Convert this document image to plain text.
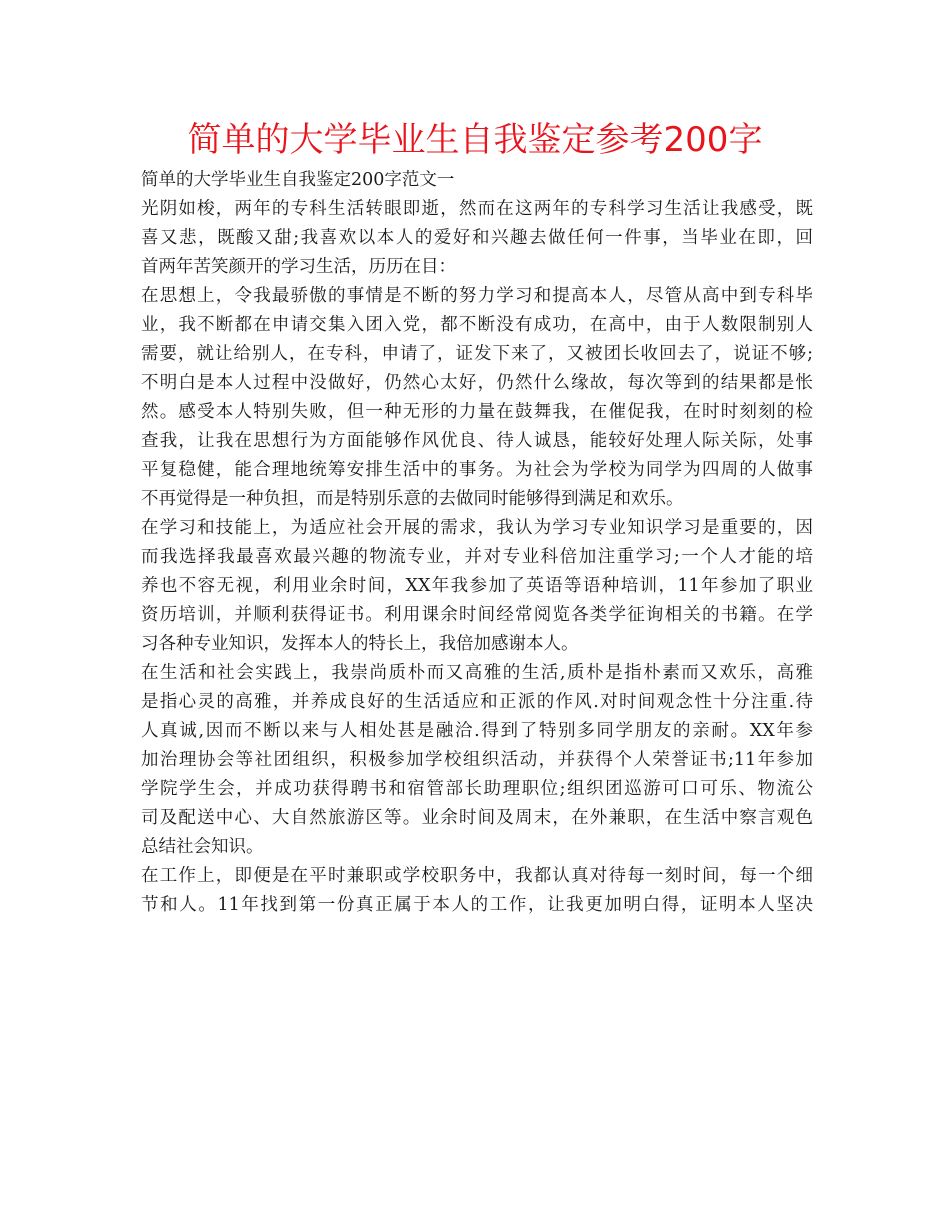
简单的大学毕业生自我鉴定参考200字
简单的大学毕业生自我鉴定200字范文一
光阴如梭，两年的专科生活转眼即逝，然而在这两年的专科学习生活让我感受，既
喜又悲，既酸又甜;我喜欢以本人的爱好和兴趣去做任何一件事，当毕业在即，回
首两年苦笑颜开的学习生活，历历在目：
在思想上，令我最骄傲的事情是不断的努力学习和提高本人，尽管从高中到专科毕
业，我不断都在申请交集入团入党，都不断没有成功，在高中，由于人数限制别人
需要，就让给别人，在专科，申请了，证发下来了，又被团长收回去了，说证不够;
不明白是本人过程中没做好，仍然心太好，仍然什么缘故，每次等到的结果都是怅
然。感受本人特别失败，但一种无形的力量在鼓舞我，在催促我，在时时刻刻的检
查我，让我在思想行为方面能够作风优良、待人诚恳，能较好处理人际关际，处事
平复稳健，能合理地统筹安排生活中的事务。为社会为学校为同学为四周的人做事
不再觉得是一种负担，而是特别乐意的去做同时能够得到满足和欢乐。
在学习和技能上，为适应社会开展的需求，我认为学习专业知识学习是重要的，因
而我选择我最喜欢最兴趣的物流专业，并对专业科倍加注重学习;一个人才能的培
养也不容无视，利用业余时间，XX年我参加了英语等语种培训，11年参加了职业
资历培训，并顺利获得证书。利用课余时间经常阅览各类学征询相关的书籍。在学
习各种专业知识，发挥本人的特长上，我倍加感谢本人。
在生活和社会实践上，我崇尚质朴而又高雅的生活,质朴是指朴素而又欢乐，高雅
是指心灵的高雅，并养成良好的生活适应和正派的作风.对时间观念性十分注重.待
人真诚,因而不断以来与人相处甚是融洽.得到了特别多同学朋友的亲耐。XX年参
加治理协会等社团组织，积极参加学校组织活动，并获得个人荣誉证书;11年参加
学院学生会，并成功获得聘书和宿管部长助理职位;组织团巡游可口可乐、物流公
司及配送中心、大自然旅游区等。业余时间及周末，在外兼职，在生活中察言观色
总结社会知识。
在工作上，即便是在平时兼职或学校职务中，我都认真对待每一刻时间，每一个细
节和人。11年找到第一份真正属于本人的工作，让我更加明白得，证明本人坚决
